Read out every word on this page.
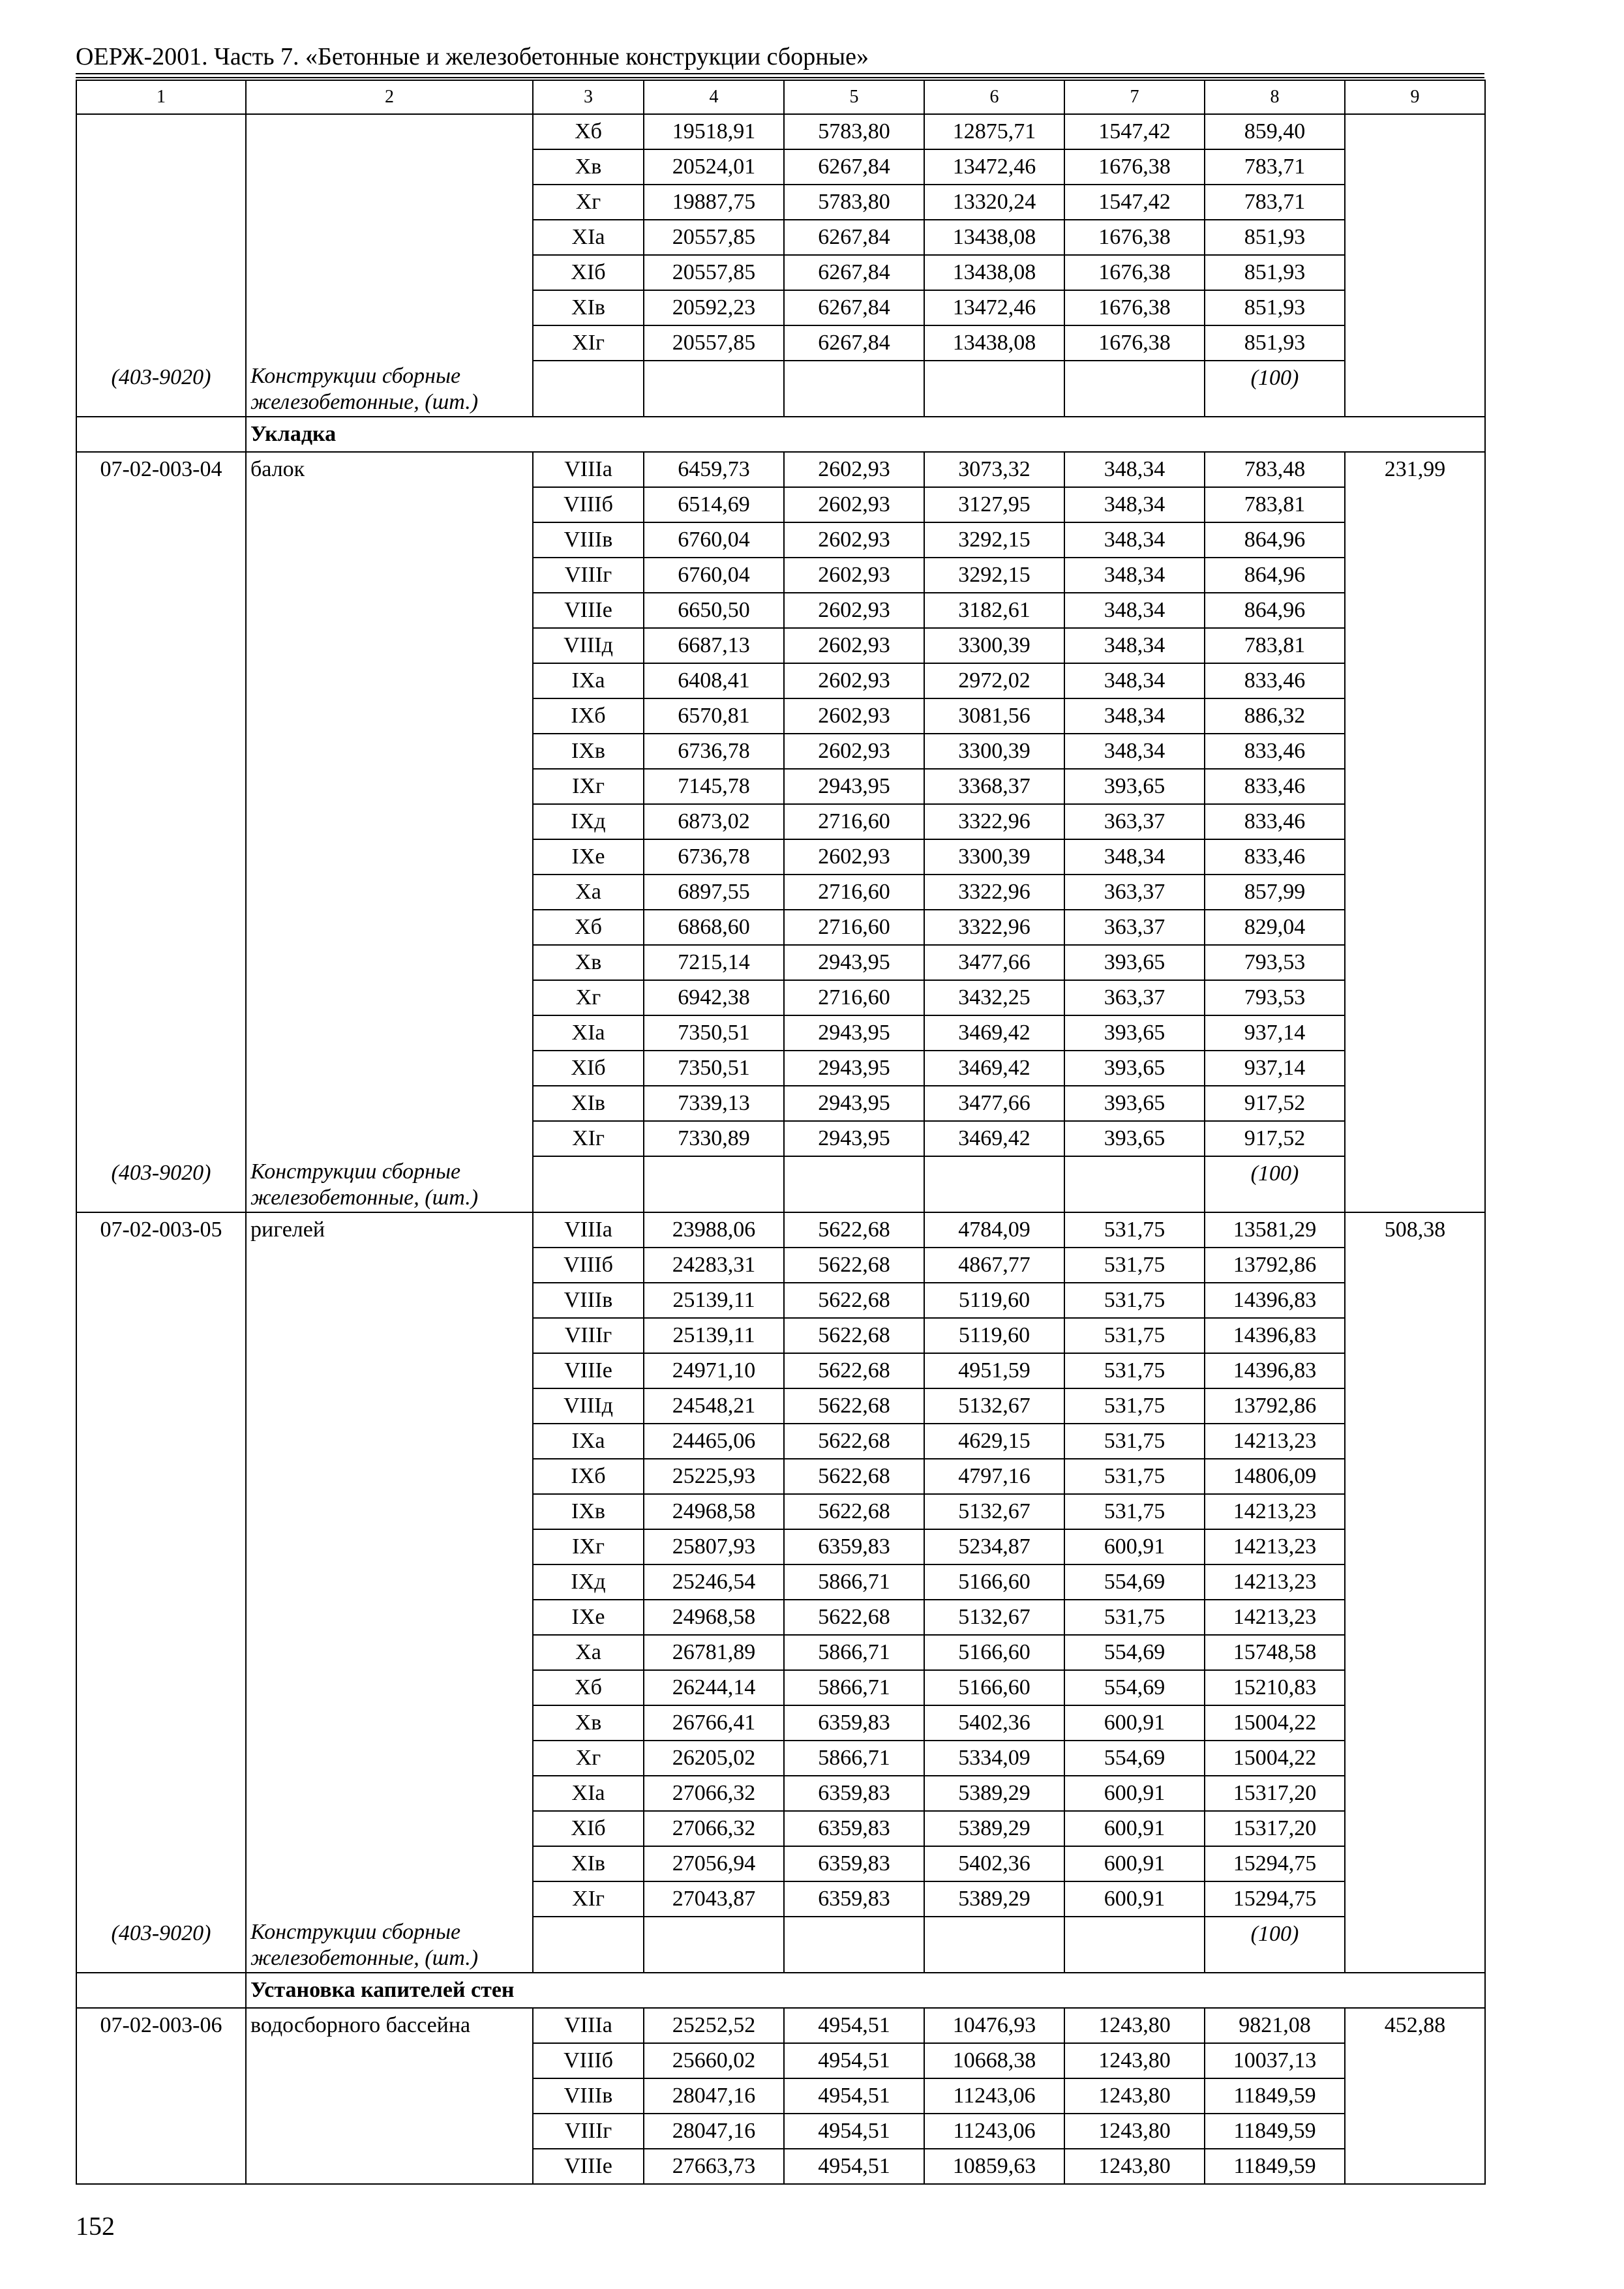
ОЕРЖ-2001. Часть 7. «Бетонные и железобетонные конструкции сборные»
1	2	3	4	5	6	7	8	9
		Xб	19518,91	5783,80	12875,71	1547,42	859,40	
		Xв	20524,01	6267,84	13472,46	1676,38	783,71	
		Xг	19887,75	5783,80	13320,24	1547,42	783,71	
		XIа	20557,85	6267,84	13438,08	1676,38	851,93	
		XIб	20557,85	6267,84	13438,08	1676,38	851,93	
		XIв	20592,23	6267,84	13472,46	1676,38	851,93	
		XIг	20557,85	6267,84	13438,08	1676,38	851,93	
(403-9020)	Конструкции сборные железобетонные, (шт.)						(100)	
	Укладка							
07-02-003-04	балок	VIIIа	6459,73	2602,93	3073,32	348,34	783,48	231,99
		VIIIб	6514,69	2602,93	3127,95	348,34	783,81	
		VIIIв	6760,04	2602,93	3292,15	348,34	864,96	
		VIIIг	6760,04	2602,93	3292,15	348,34	864,96	
		VIIIе	6650,50	2602,93	3182,61	348,34	864,96	
		VIIIд	6687,13	2602,93	3300,39	348,34	783,81	
		IXа	6408,41	2602,93	2972,02	348,34	833,46	
		IXб	6570,81	2602,93	3081,56	348,34	886,32	
		IXв	6736,78	2602,93	3300,39	348,34	833,46	
		IXг	7145,78	2943,95	3368,37	393,65	833,46	
		IXд	6873,02	2716,60	3322,96	363,37	833,46	
		IXе	6736,78	2602,93	3300,39	348,34	833,46	
		Xа	6897,55	2716,60	3322,96	363,37	857,99	
		Xб	6868,60	2716,60	3322,96	363,37	829,04	
		Xв	7215,14	2943,95	3477,66	393,65	793,53	
		Xг	6942,38	2716,60	3432,25	363,37	793,53	
		XIа	7350,51	2943,95	3469,42	393,65	937,14	
		XIб	7350,51	2943,95	3469,42	393,65	937,14	
		XIв	7339,13	2943,95	3477,66	393,65	917,52	
		XIг	7330,89	2943,95	3469,42	393,65	917,52	
(403-9020)	Конструкции сборные железобетонные, (шт.)						(100)	
07-02-003-05	ригелей	VIIIа	23988,06	5622,68	4784,09	531,75	13581,29	508,38
		VIIIб	24283,31	5622,68	4867,77	531,75	13792,86	
		VIIIв	25139,11	5622,68	5119,60	531,75	14396,83	
		VIIIг	25139,11	5622,68	5119,60	531,75	14396,83	
		VIIIе	24971,10	5622,68	4951,59	531,75	14396,83	
		VIIIд	24548,21	5622,68	5132,67	531,75	13792,86	
		IXа	24465,06	5622,68	4629,15	531,75	14213,23	
		IXб	25225,93	5622,68	4797,16	531,75	14806,09	
		IXв	24968,58	5622,68	5132,67	531,75	14213,23	
		IXг	25807,93	6359,83	5234,87	600,91	14213,23	
		IXд	25246,54	5866,71	5166,60	554,69	14213,23	
		IXе	24968,58	5622,68	5132,67	531,75	14213,23	
		Xа	26781,89	5866,71	5166,60	554,69	15748,58	
		Xб	26244,14	5866,71	5166,60	554,69	15210,83	
		Xв	26766,41	6359,83	5402,36	600,91	15004,22	
		Xг	26205,02	5866,71	5334,09	554,69	15004,22	
		XIа	27066,32	6359,83	5389,29	600,91	15317,20	
		XIб	27066,32	6359,83	5389,29	600,91	15317,20	
		XIв	27056,94	6359,83	5402,36	600,91	15294,75	
		XIг	27043,87	6359,83	5389,29	600,91	15294,75	
(403-9020)	Конструкции сборные железобетонные, (шт.)						(100)	
	Установка капителей стен							
07-02-003-06	водосборного бассейна	VIIIа	25252,52	4954,51	10476,93	1243,80	9821,08	452,88
		VIIIб	25660,02	4954,51	10668,38	1243,80	10037,13	
		VIIIв	28047,16	4954,51	11243,06	1243,80	11849,59	
		VIIIг	28047,16	4954,51	11243,06	1243,80	11849,59	
		VIIIе	27663,73	4954,51	10859,63	1243,80	11849,59	
152
